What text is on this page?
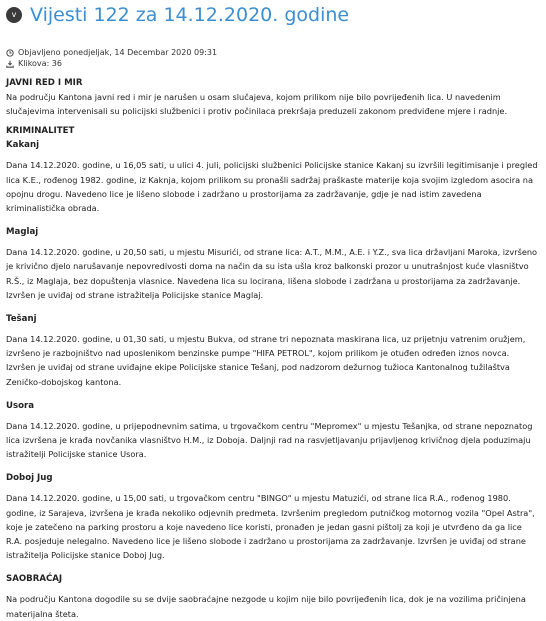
v Vijesti 122 za 14.12.2020. godine
Objavljeno ponedjeljak, 14 Decembar 2020 09:31
Klikova: 36

JAVNI RED I MIR

Na području Kantona javni red i mir je narušen u osam slučajeva, kojom prilikom nije bilo povrijeđenih lica. U navedenim slučajevima intervenisali su policijski službenici i protiv počinilaca prekršaja preduzeli zakonom predviđene mjere i radnje.

KRIMINALITET

Kakanj

Dana 14.12.2020. godine, u 16,05 sati, u ulici 4. juli, policijski službenici Policijske stanice Kakanj su izvršili legitimisanje i pregled lica K.E., rođenog 1982. godine, iz Kaknja, kojom prilikom su pronašli sadržaj praškaste materije koja svojim izgledom asocira na opojnu drogu. Navedeno lice je lišeno slobode i zadržano u prostorijama za zadržavanje, gdje je nad istim zavedena kriminalistička obrada.

Maglaj

Dana 14.12.2020. godine, u 20,50 sati, u mjestu Misurići, od strane lica: A.T., M.M., A.E. i Y.Z., sva lica državljani Maroka, izvršeno je krivično djelo narušavanje nepovredivosti doma na način da su ista ušla kroz balkonski prozor u unutrašnjost kuće vlasništvo R.Š., iz Maglaja, bez dopuštenja vlasnice. Navedena lica su locirana, lišena slobode i zadržana u prostorijama za zadržavanje. Izvršen je uviđaj od strane istražitelja Policijske stanice Maglaj.

Tešanj

Dana 14.12.2020. godine, u 01,30 sati, u mjestu Bukva, od strane tri nepoznata maskirana lica, uz prijetnju vatrenim oružjem, izvršeno je razbojništvo nad uposlenikom benzinske pumpe "HIFA PETROL", kojom prilikom je otuđen određen iznos novca. Izvršen je uviđaj od strane uviđajne ekipe Policijske stanice Tešanj, pod nadzorom dežurnog tužioca Kantonalnog tužilaštva Zeničko-dobojskog kantona.

Usora

Dana 14.12.2020. godine, u prijepodnevnim satima, u trgovačkom centru "Mepromex" u mjestu Tešanjka, od strane nepoznatog lica izvršena je krađa novčanika vlasništvo H.M., iz Doboja. Daljnji rad na rasvjetljavanju prijavljenog krivičnog djela poduzimaju istražitelji Policijske stanice Usora.

Doboj Jug

Dana 14.12.2020. godine, u 15,00 sati, u trgovačkom centru "BINGO" u mjestu Matuzići, od strane lica R.A., rođenog 1980. godine, iz Sarajeva, izvršena je krađa nekoliko odjevnih predmeta. Izvršenim pregledom putničkog motornog vozila "Opel Astra", koje je zatečeno na parking prostoru a koje navedeno lice koristi, pronađen je jedan gasni pištolj za koji je utvrđeno da ga lice R.A. posjeduje nelegalno. Navedeno lice je lišeno slobode i zadržano u prostorijama za zadržavanje. Izvršen je uviđaj od strane istražitelja Policijske stanice Doboj Jug.

SAOBRAĆAJ

Na području Kantona dogodile su se dvije saobraćajne nezgode u kojim nije bilo povrijeđenih lica, dok je na vozilima pričinjena materijalna šteta.
